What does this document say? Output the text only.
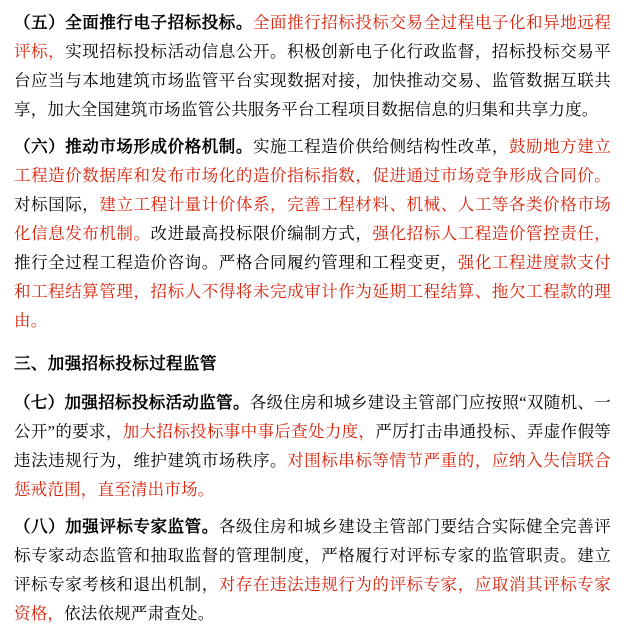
（五）全面推行电子招标投标。全面推行招标投标交易全过程电子化和异地远程评标，实现招标投标活动信息公开。积极创新电子化行政监督，招标投标交易平台应当与本地建筑市场监管平台实现数据对接，加快推动交易、监管数据互联共享，加大全国建筑市场监管公共服务平台工程项目数据信息的归集和共享力度。

（六）推动市场形成价格机制。实施工程造价供给侧结构性改革，鼓励地方建立工程造价数据库和发布市场化的造价指标指数，促进通过市场竞争形成合同价。对标国际，建立工程计量计价体系，完善工程材料、机械、人工等各类价格市场化信息发布机制。改进最高投标限价编制方式，强化招标人工程造价管控责任，推行全过程工程造价咨询。严格合同履约管理和工程变更，强化工程进度款支付和工程结算管理，招标人不得将未完成审计作为延期工程结算、拖欠工程款的理由。

三、加强招标投标过程监管

（七）加强招标投标活动监管。各级住房和城乡建设主管部门应按照“双随机、一公开”的要求，加大招标投标事中事后查处力度，严厉打击串通投标、弄虚作假等违法违规行为，维护建筑市场秩序。对围标串标等情节严重的，应纳入失信联合惩戒范围，直至清出市场。

（八）加强评标专家监管。各级住房和城乡建设主管部门要结合实际健全完善评标专家动态监管和抽取监督的管理制度，严格履行对评标专家的监管职责。建立评标专家考核和退出机制，对存在违法违规行为的评标专家，应取消其评标专家资格，依法依规严肃查处。
